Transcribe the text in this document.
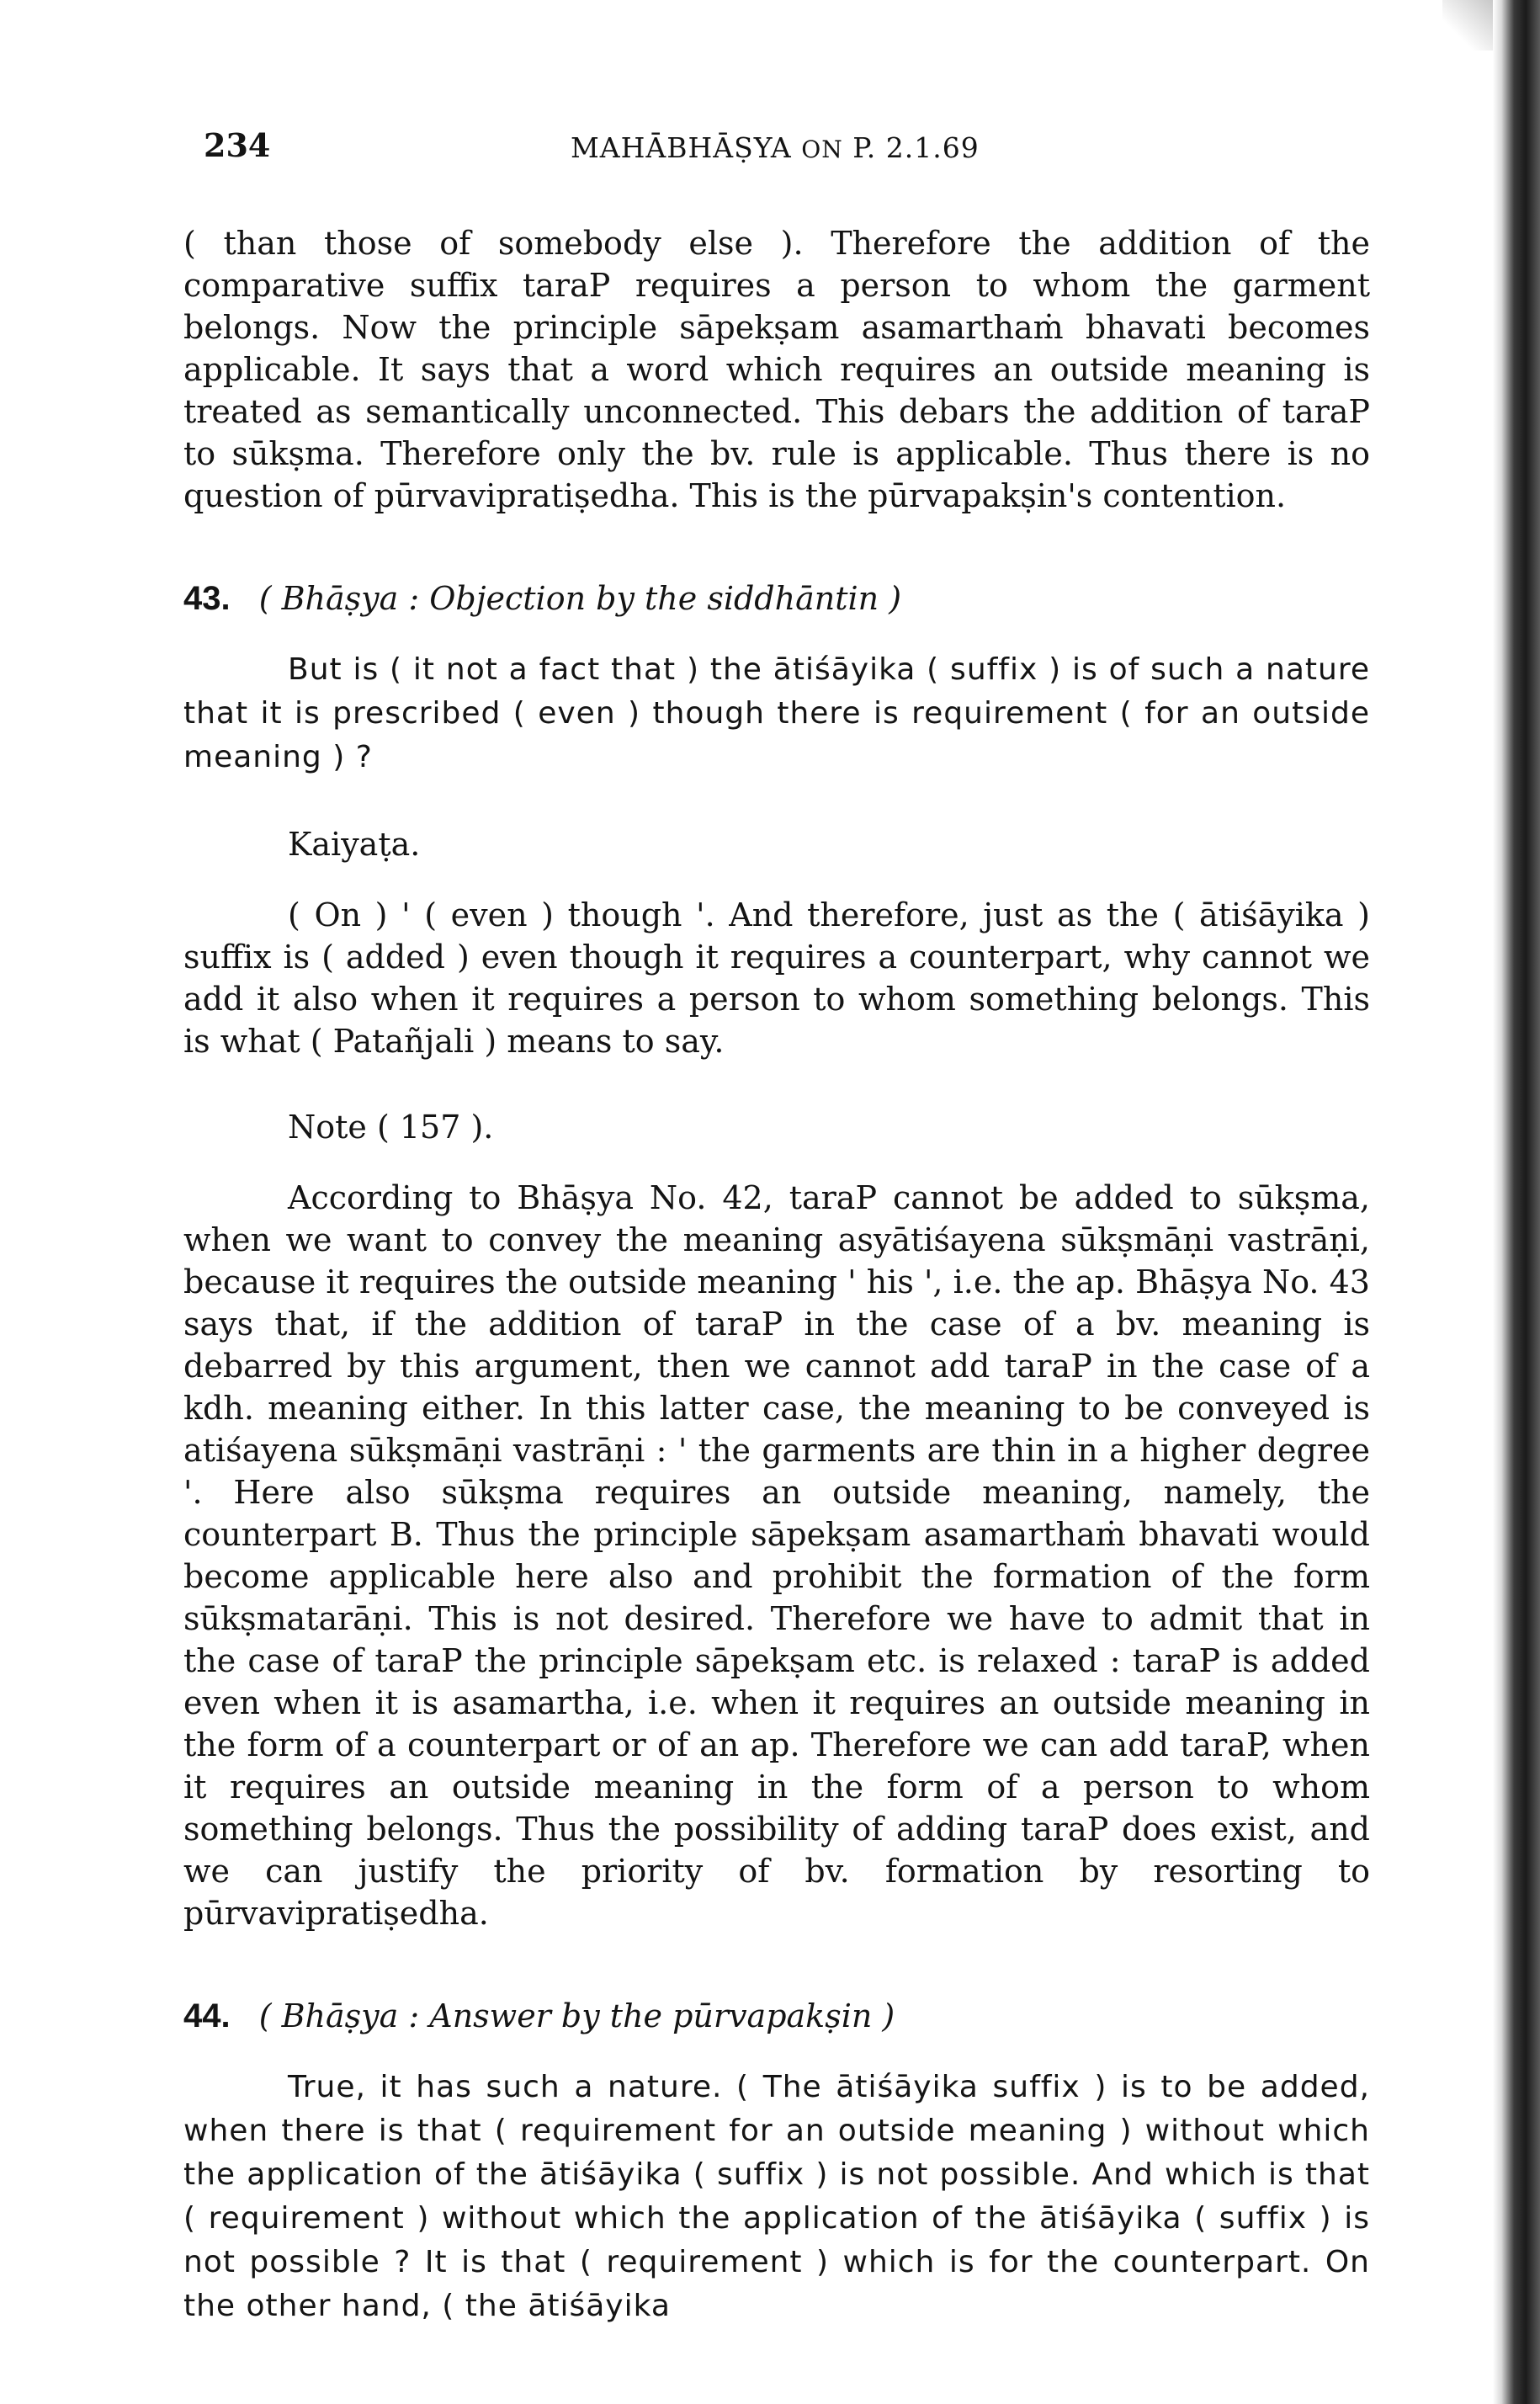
234	MAHĀBHĀṢYA ON P. 2.1.69

( than those of somebody else ). Therefore the addition of the comparative suffix taraP requires a person to whom the garment belongs. Now the principle sāpekṣam asamarthaṁ bhavati becomes applicable. It says that a word which requires an outside meaning is treated as semantically unconnected. This debars the addition of taraP to sūkṣma. Therefore only the bv. rule is applicable. Thus there is no question of pūrvavipratiṣedha. This is the pūrvapakṣin's contention.

43. ( Bhāṣya : Objection by the siddhāntin )

But is ( it not a fact that ) the ātiśāyika ( suffix ) is of such a nature that it is prescribed ( even ) though there is requirement ( for an outside meaning ) ?

Kaiyaṭa.

( On ) ' ( even ) though '. And therefore, just as the ( ātiśāyika ) suffix is ( added ) even though it requires a counterpart, why cannot we add it also when it requires a person to whom something belongs. This is what ( Patañjali ) means to say.

Note ( 157 ).

According to Bhāṣya No. 42, taraP cannot be added to sūkṣma, when we want to convey the meaning asyātiśayena sūkṣmāṇi vastrāṇi, because it requires the outside meaning ' his ', i.e. the ap. Bhāṣya No. 43 says that, if the addition of taraP in the case of a bv. meaning is debarred by this argument, then we cannot add taraP in the case of a kdh. meaning either. In this latter case, the meaning to be conveyed is atiśayena sūkṣmāṇi vastrāṇi : ' the garments are thin in a higher degree '. Here also sūkṣma requires an outside meaning, namely, the counterpart B. Thus the principle sāpekṣam asamarthaṁ bhavati would become applicable here also and prohibit the formation of the form sūkṣmatarāṇi. This is not desired. Therefore we have to admit that in the case of taraP the principle sāpekṣam etc. is relaxed : taraP is added even when it is asamartha, i.e. when it requires an outside meaning in the form of a counterpart or of an ap. Therefore we can add taraP, when it requires an outside meaning in the form of a person to whom something belongs. Thus the possibility of adding taraP does exist, and we can justify the priority of bv. formation by resorting to pūrvavipratiṣedha.

44. ( Bhāṣya : Answer by the pūrvapakṣin )

True, it has such a nature. ( The ātiśāyika suffix ) is to be added, when there is that ( requirement for an outside meaning ) without which the application of the ātiśāyika ( suffix ) is not possible. And which is that ( requirement ) without which the application of the ātiśāyika ( suffix ) is not possible ? It is that ( requirement ) which is for the counterpart. On the other hand, ( the ātiśāyika
